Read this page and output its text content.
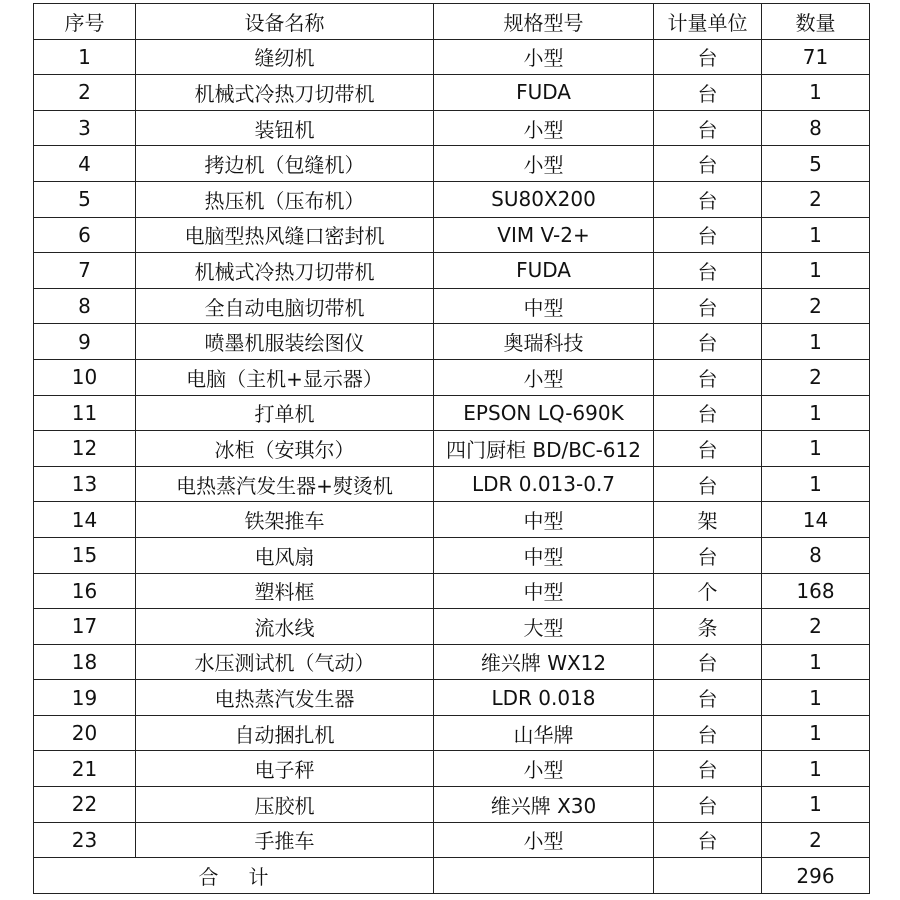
序号	设备名称	规格型号	计量单位	数量
1	缝纫机	小型	台	71
2	机械式冷热刀切带机	FUDA	台	1
3	装钮机	小型	台	8
4	拷边机（包缝机）	小型	台	5
5	热压机（压布机）	SU80X200	台	2
6	电脑型热风缝口密封机	VIM V-2+	台	1
7	机械式冷热刀切带机	FUDA	台	1
8	全自动电脑切带机	中型	台	2
9	喷墨机服装绘图仪	奥瑞科技	台	1
10	电脑（主机+显示器）	小型	台	2
11	打单机	EPSON LQ-690K	台	1
12	冰柜（安琪尔）	四门厨柜 BD/BC-612	台	1
13	电热蒸汽发生器+熨烫机	LDR 0.013-0.7	台	1
14	铁架推车	中型	架	14
15	电风扇	中型	台	8
16	塑料框	中型	个	168
17	流水线	大型	条	2
18	水压测试机（气动）	维兴牌 WX12	台	1
19	电热蒸汽发生器	LDR 0.018	台	1
20	自动捆扎机	山华牌	台	1
21	电子秤	小型	台	1
22	压胶机	维兴牌 X30	台	1
23	手推车	小型	台	2
合 计				296
